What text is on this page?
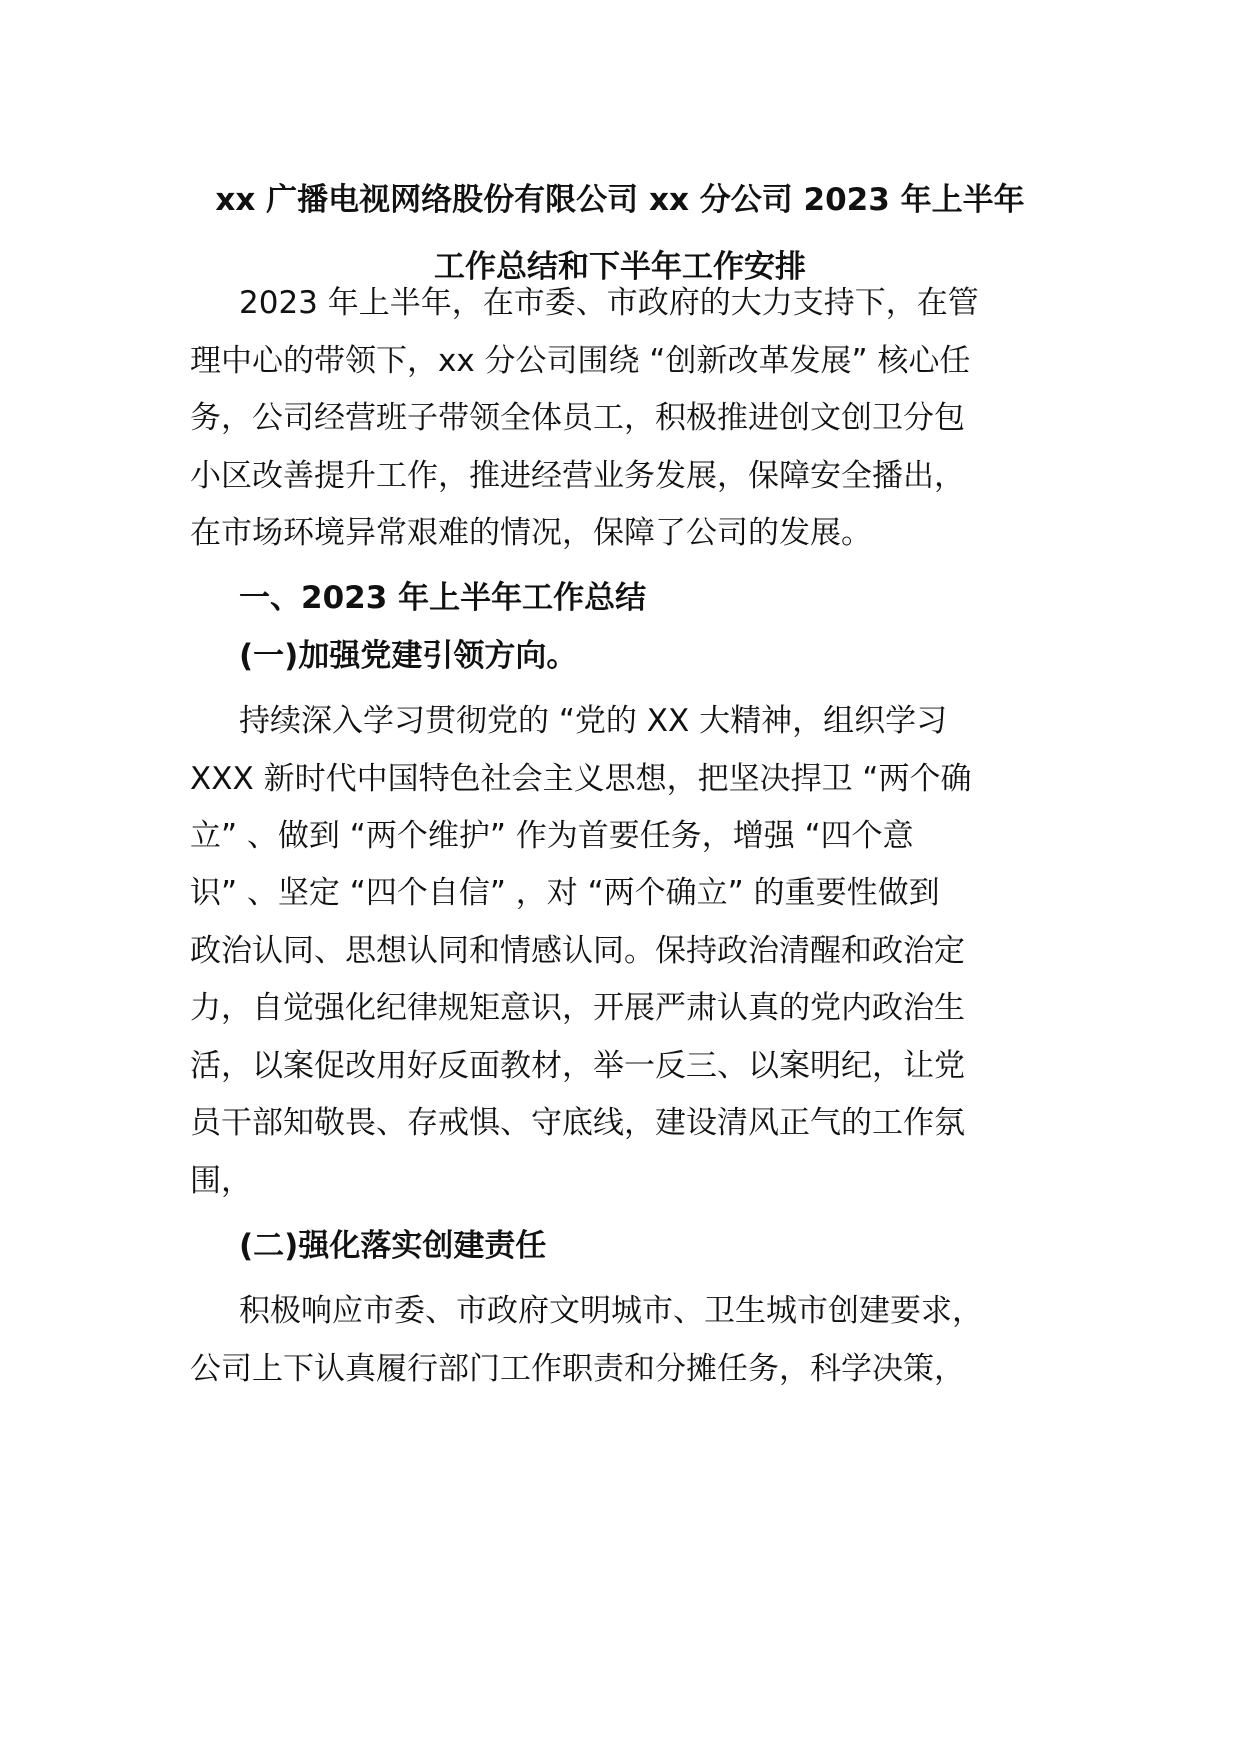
xx 广播电视网络股份有限公司 xx 分公司 2023 年上半年
工作总结和下半年工作安排
2023 年上半年，在市委、市政府的大力支持下，在管
理中心的带领下，xx 分公司围绕 “创新改革发展” 核心任
务，公司经营班子带领全体员工，积极推进创文创卫分包
小区改善提升工作，推进经营业务发展，保障安全播出，
在市场环境异常艰难的情况，保障了公司的发展。
一、2023 年上半年工作总结
(一)加强党建引领方向。
持续深入学习贯彻党的 “党的 XX 大精神，组织学习
XXX 新时代中国特色社会主义思想，把坚决捍卫 “两个确
立” 、做到 “两个维护” 作为首要任务，增强 “四个意
识” 、坚定 “四个自信” ，对 “两个确立” 的重要性做到
政治认同、思想认同和情感认同。保持政治清醒和政治定
力，自觉强化纪律规矩意识，开展严肃认真的党内政治生
活，以案促改用好反面教材，举一反三、以案明纪，让党
员干部知敬畏、存戒惧、守底线，建设清风正气的工作氛
围，
(二)强化落实创建责任
积极响应市委、市政府文明城市、卫生城市创建要求，
公司上下认真履行部门工作职责和分摊任务，科学决策，
